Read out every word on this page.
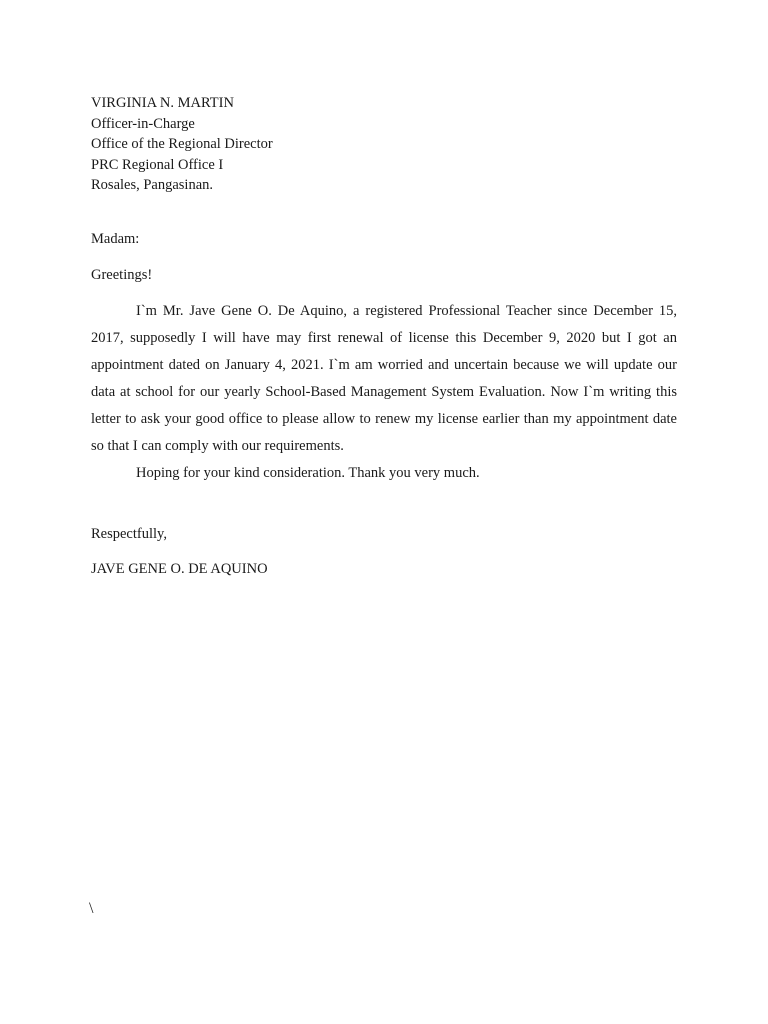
VIRGINIA N. MARTIN
Officer-in-Charge
Office of the Regional Director
PRC Regional Office I
Rosales, Pangasinan.
Madam:
Greetings!

I`m Mr. Jave Gene O. De Aquino, a registered Professional Teacher since December 15, 2017, supposedly I will have may first renewal of license this December 9, 2020 but I got an appointment dated on January 4, 2021. I`m am worried and uncertain because we will update our data at school for our yearly School-Based Management System Evaluation. Now I`m writing this letter to ask your good office to please allow to renew my license earlier than my appointment date so that I can comply with our requirements.

Hoping for your kind consideration. Thank you very much.

Respectfully,
JAVE GENE O. DE AQUINO
\
